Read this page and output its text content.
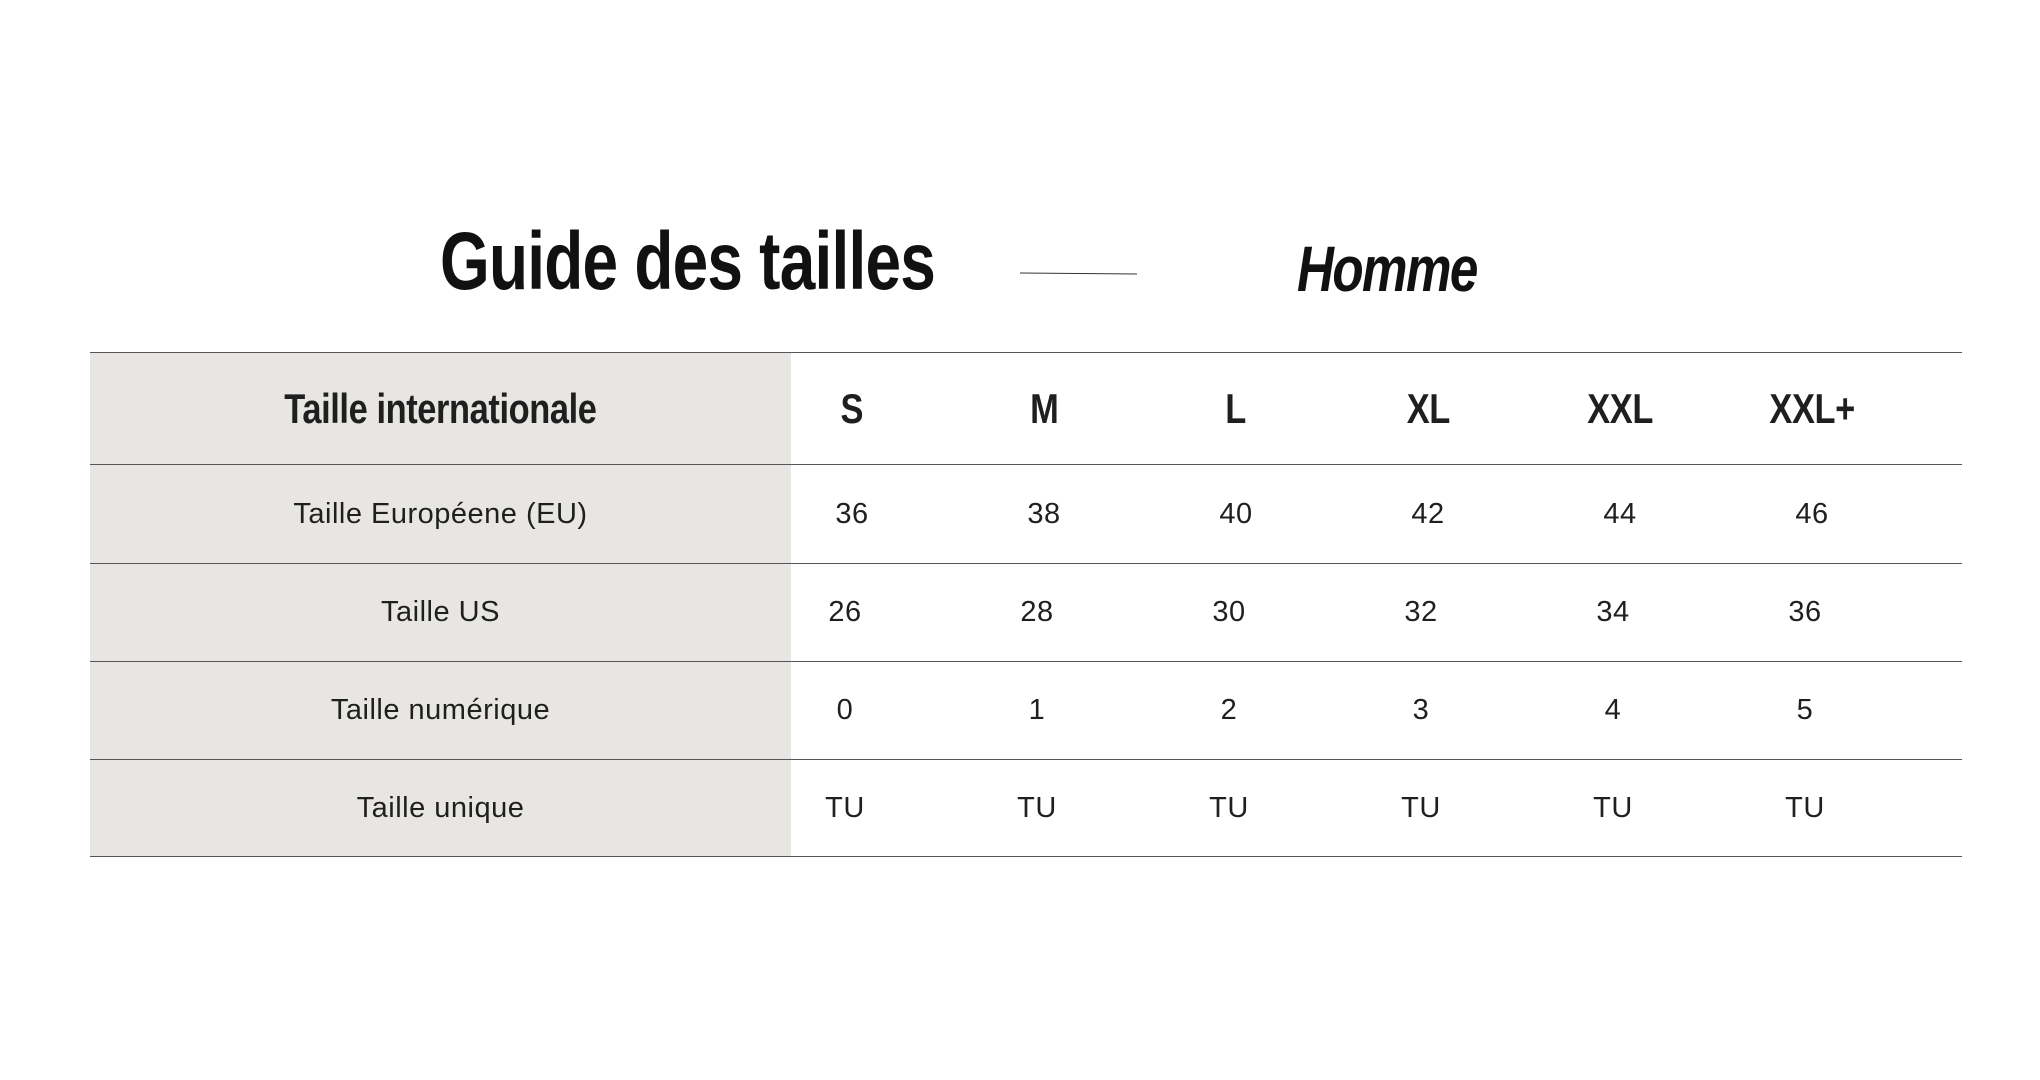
Guide des tailles	Homme
Taille internationale	S	M	L	XL	XXL	XXL+
Taille Européene (EU)	36	38	40	42	44	46
Taille US	26	28	30	32	34	36
Taille numérique	0	1	2	3	4	5
Taille unique	TU	TU	TU	TU	TU	TU
